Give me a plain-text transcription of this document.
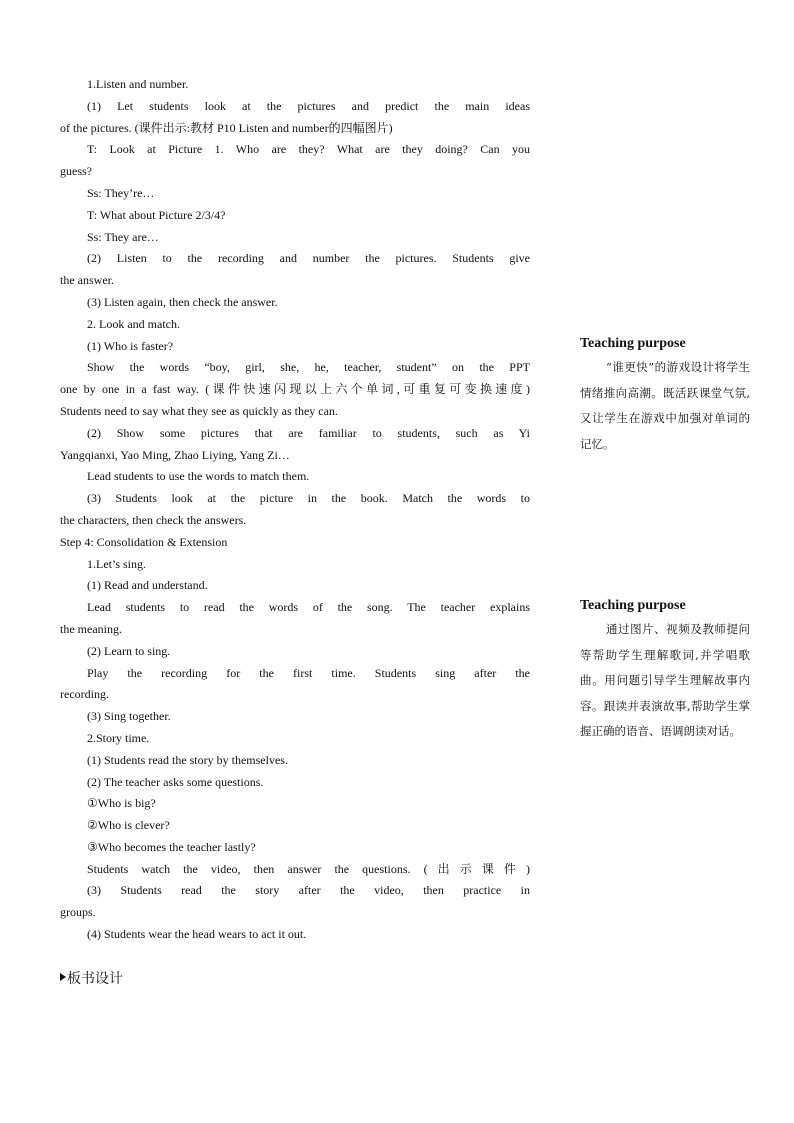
1.Listen and number.
(1) Let students look at the pictures and predict the main ideas
of the pictures. (课件出示:教材 P10 Listen and number的四幅图片)
T: Look at Picture 1. Who are they? What are they doing? Can you
guess?
Ss: They’re…
T: What about Picture 2/3/4?
Ss: They are…
(2) Listen to the recording and number the pictures. Students give
the answer.
(3) Listen again, then check the answer.
2. Look and match.
(1) Who is faster?
Show the words “boy, girl, she, he, teacher, student” on the PPT
one by one in a fast way. (课件快速闪现以上六个单词,可重复可变换速度)
Students need to say what they see as quickly as they can.
(2) Show some pictures that are familiar to students, such as Yi
Yangqianxi, Yao Ming, Zhao Liying, Yang Zi…
Lead students to use the words to match them.
(3) Students look at the picture in the book. Match the words to
the characters, then check the answers.
Step 4: Consolidation & Extension
1.Let’s sing.
(1) Read and understand.
Lead students to read the words of the song. The teacher explains
the meaning.
(2) Learn to sing.
Play the recording for the first time. Students sing after the
recording.
(3) Sing together.
2.Story time.
(1) Students read the story by themselves.
(2) The teacher asks some questions.
①Who is big?
②Who is clever?
③Who becomes the teacher lastly?
Students watch the video, then answer the questions. (出示课件)
(3) Students read the story after the video, then practice in
groups.
(4) Students wear the head wears to act it out.
Teaching purpose
“谁更快”的游戏设计将学生情绪推向高潮。既活跃课堂气氛,又让学生在游戏中加强对单词的记忆。
Teaching purpose
通过图片、视频及教师提问等帮助学生理解歌词,并学唱歌曲。用问题引导学生理解故事内容。跟读并表演故事,帮助学生掌握正确的语音、语调朗读对话。
板书设计
